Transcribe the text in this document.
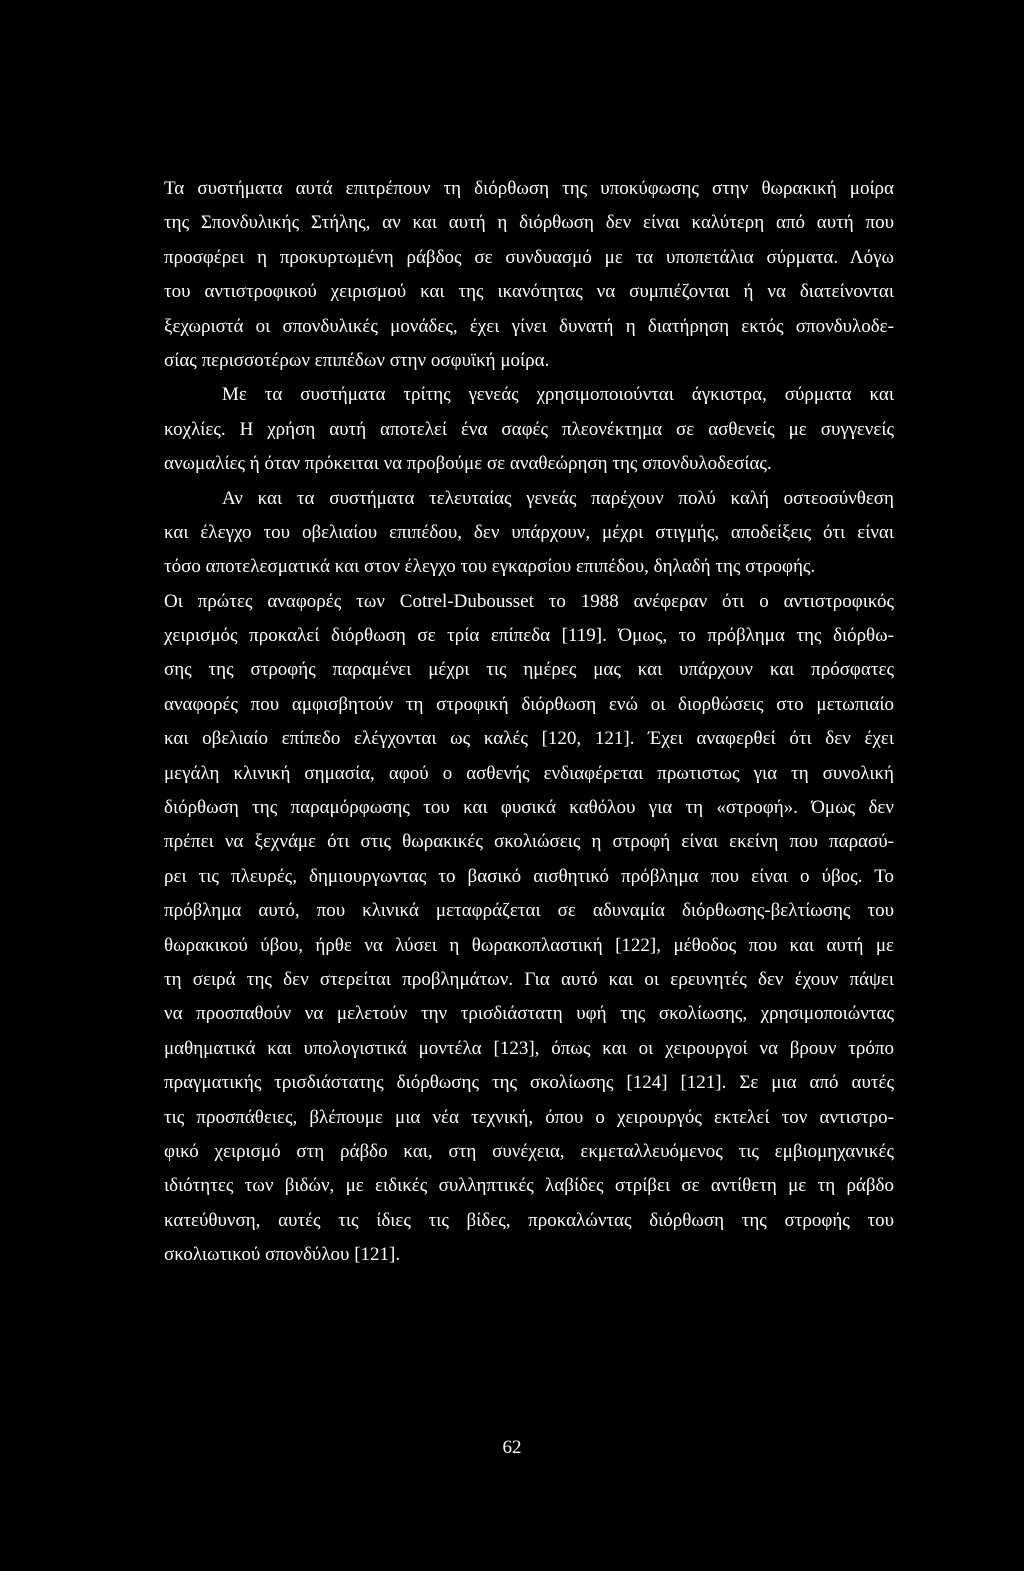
Τα συστήματα αυτά επιτρέπουν τη διόρθωση της υποκύφωσης στην θωρακική μοίρα
της Σπονδυλικής Στήλης, αν και αυτή η διόρθωση δεν είναι καλύτερη από αυτή που
προσφέρει η προκυρτωμένη ράβδος σε συνδυασμό με τα υποπετάλια σύρματα. Λόγω
του αντιστροφικού χειρισμού και της ικανότητας να συμπιέζονται ή να διατείνονται
ξεχωριστά οι σπονδυλικές μονάδες, έχει γίνει δυνατή η διατήρηση εκτός σπονδυλοδε-
σίας περισσοτέρων επιπέδων στην οσφυϊκή μοίρα.
Με τα συστήματα τρίτης γενεάς χρησιμοποιούνται άγκιστρα, σύρματα και
κοχλίες. Η χρήση αυτή αποτελεί ένα σαφές πλεονέκτημα σε ασθενείς με συγγενείς
ανωμαλίες ή όταν πρόκειται να προβούμε σε αναθεώρηση της σπονδυλοδεσίας.
Αν και τα συστήματα τελευταίας γενεάς παρέχουν πολύ καλή οστεοσύνθεση
και έλεγχο του οβελιαίου επιπέδου, δεν υπάρχουν, μέχρι στιγμής, αποδείξεις ότι είναι
τόσο αποτελεσματικά και στον έλεγχο του εγκαρσίου επιπέδου, δηλαδή της στροφής.
Οι πρώτες αναφορές των Cotrel-Dubousset το 1988 ανέφεραν ότι ο αντιστροφικός
χειρισμός προκαλεί διόρθωση σε τρία επίπεδα [119]. Όμως, το πρόβλημα της διόρθω-
σης της στροφής παραμένει μέχρι τις ημέρες μας και υπάρχουν και πρόσφατες
αναφορές που αμφισβητούν τη στροφική διόρθωση ενώ οι διορθώσεις στο μετωπιαίο
και οβελιαίο επίπεδο ελέγχονται ως καλές [120, 121]. Έχει αναφερθεί ότι δεν έχει
μεγάλη κλινική σημασία, αφού ο ασθενής ενδιαφέρεται πρωτιστως για τη συνολική
διόρθωση της παραμόρφωσης του και φυσικά καθόλου για τη «στροφή». Όμως δεν
πρέπει να ξεχνάμε ότι στις θωρακικές σκολιώσεις η στροφή είναι εκείνη που παρασύ-
ρει τις πλευρές, δημιουργωντας το βασικό αισθητικό πρόβλημα που είναι ο ύβος. Το
πρόβλημα αυτό, που κλινικά μεταφράζεται σε αδυναμία διόρθωσης-βελτίωσης του
θωρακικού ύβου, ήρθε να λύσει η θωρακοπλαστική [122], μέθοδος που και αυτή με
τη σειρά της δεν στερείται προβλημάτων. Για αυτό και οι ερευνητές δεν έχουν πάψει
να προσπαθούν να μελετούν την τρισδιάστατη υφή της σκολίωσης, χρησιμοποιώντας
μαθηματικά και υπολογιστικά μοντέλα [123], όπως και οι χειρουργοί να βρουν τρόπο
πραγματικής τρισδιάστατης διόρθωσης της σκολίωσης [124] [121]. Σε μια από αυτές
τις προσπάθειες, βλέπουμε μια νέα τεχνική, όπου ο χειρουργός εκτελεί τον αντιστρο-
φικό χειρισμό στη ράβδο και, στη συνέχεια, εκμεταλλευόμενος τις εμβιομηχανικές
ιδιότητες των βιδών, με ειδικές συλληπτικές λαβίδες στρίβει σε αντίθετη με τη ράβδο
κατεύθυνση, αυτές τις ίδιες τις βίδες, προκαλώντας διόρθωση της στροφής του
σκολιωτικού σπονδύλου [121].
62
